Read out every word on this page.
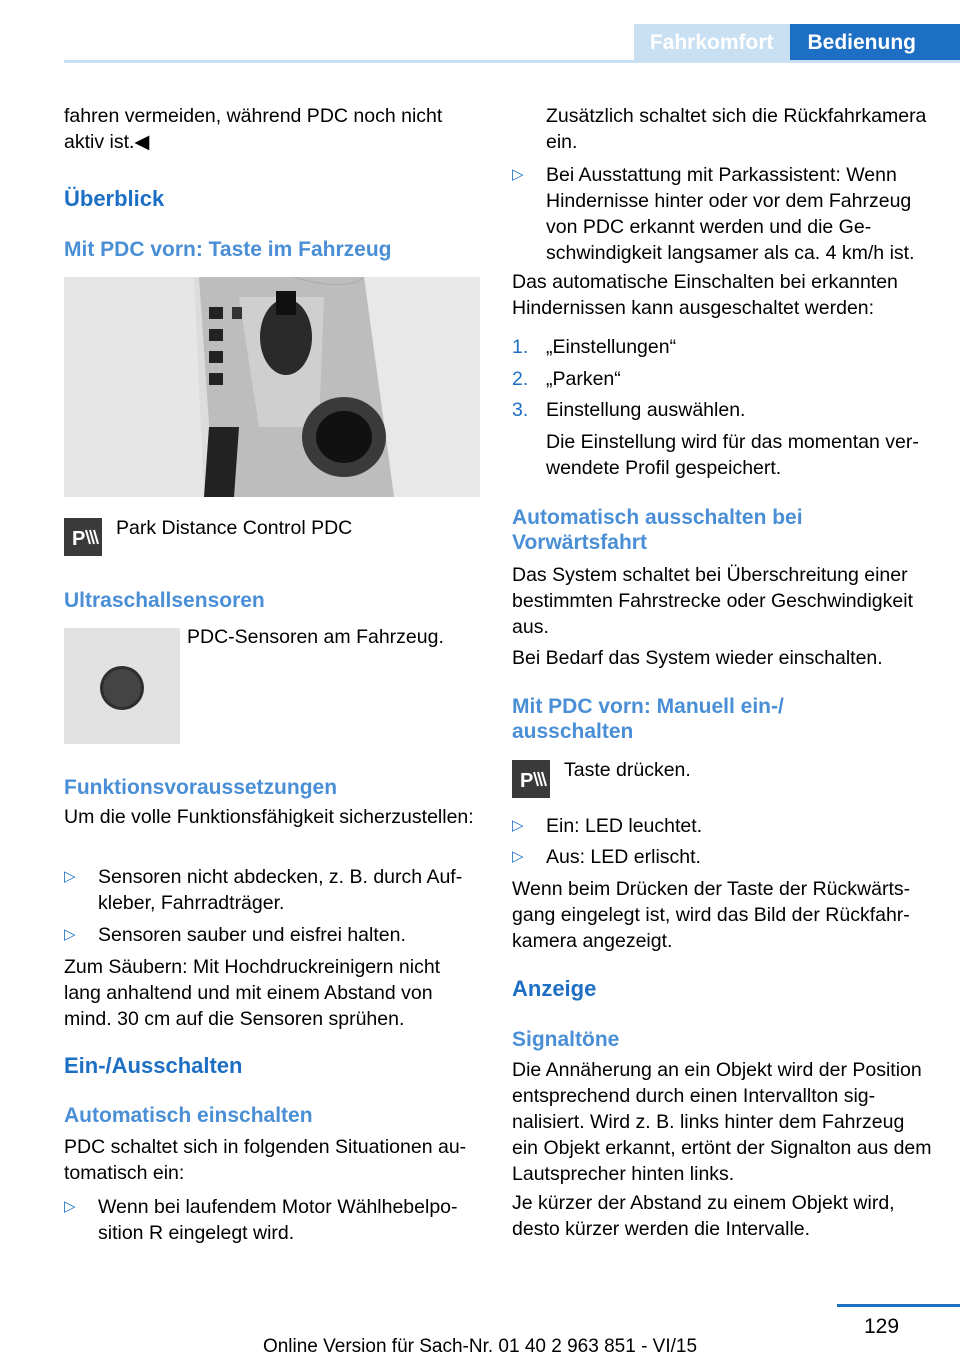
Fahrkomfort	Bedienung

fahren vermeiden, während PDC noch nicht aktiv ist.◀

Überblick
Mit PDC vorn: Taste im Fahrzeug
P Park Distance Control PDC

Ultraschallsensoren

PDC-Sensoren am Fahrzeug.

Funktionsvoraussetzungen

Um die volle Funktionsfähigkeit sicherzustellen:

▷ Sensoren nicht abdecken, z. B. durch Aufkleber, Fahrradträger.
▷ Sensoren sauber und eisfrei halten.

Zum Säubern: Mit Hochdruckreinigern nicht lang anhaltend und mit einem Abstand von mind. 30 cm auf die Sensoren sprühen.

Ein-/Ausschalten
Automatisch einschalten

PDC schaltet sich in folgenden Situationen automatisch ein:

▷ Wenn bei laufendem Motor Wählhebelposition R eingelegt wird.

Zusätzlich schaltet sich die Rückfahrkamera ein.

▷ Bei Ausstattung mit Parkassistent: Wenn Hindernisse hinter oder vor dem Fahrzeug von PDC erkannt werden und die Geschwindigkeit langsamer als ca. 4 km/h ist.

Das automatische Einschalten bei erkannten Hindernissen kann ausgeschaltet werden:

1. „Einstellungen“
2. „Parken“
3. Einstellung auswählen.

Die Einstellung wird für das momentan verwendete Profil gespeichert.

Automatisch ausschalten bei Vorwärtsfahrt

Das System schaltet bei Überschreitung einer bestimmten Fahrstrecke oder Geschwindigkeit aus.

Bei Bedarf das System wieder einschalten.

Mit PDC vorn: Manuell ein-/ ausschalten
P Taste drücken.

▷ Ein: LED leuchtet.
▷ Aus: LED erlischt.

Wenn beim Drücken der Taste der Rückwärtsgang eingelegt ist, wird das Bild der Rückfahrkamera angezeigt.

Anzeige
Signaltöne

Die Annäherung an ein Objekt wird der Position entsprechend durch einen Intervallton signalisiert. Wird z. B. links hinter dem Fahrzeug ein Objekt erkannt, ertönt der Signalton aus dem Lautsprecher hinten links.

Je kürzer der Abstand zu einem Objekt wird, desto kürzer werden die Intervalle.

129
Online Version für Sach-Nr. 01 40 2 963 851 - VI/15
